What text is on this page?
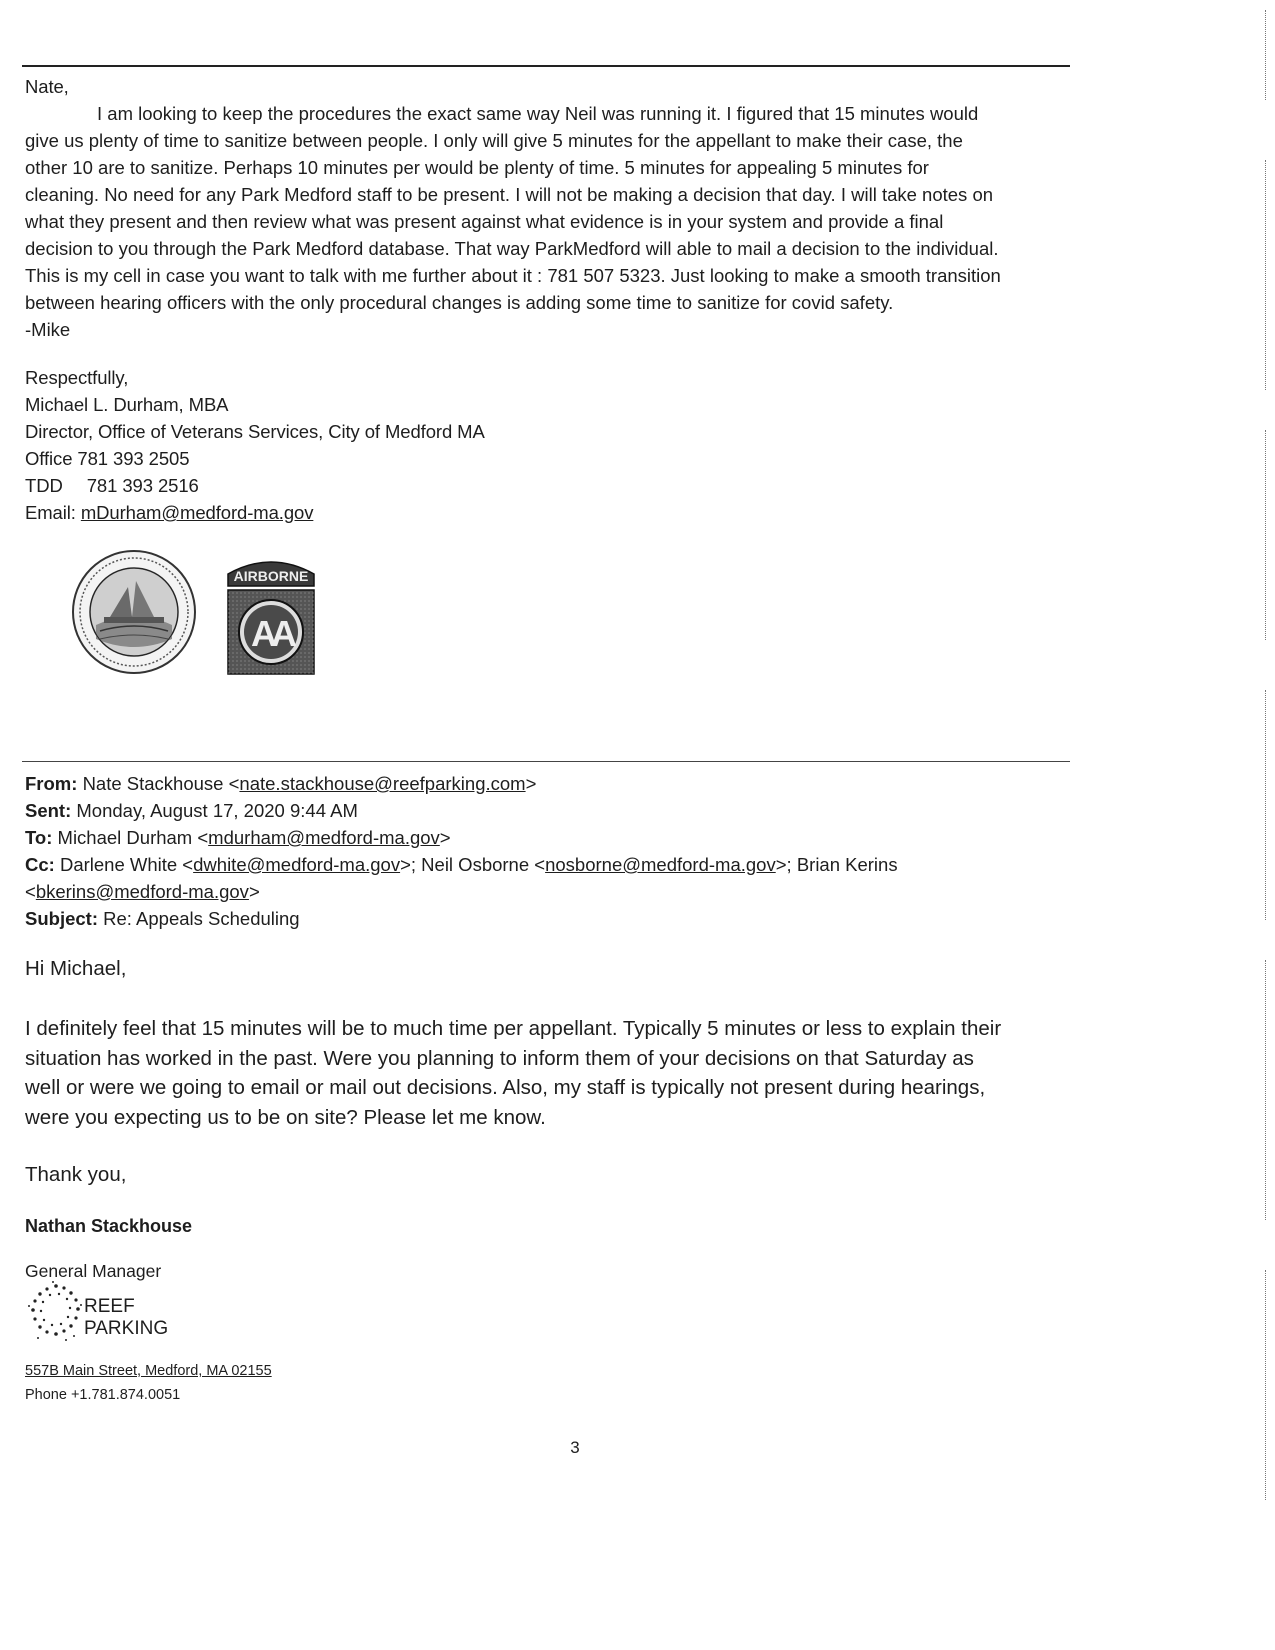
Nate,

I am looking to keep the procedures the exact same way Neil was running it. I figured that 15 minutes would

give us plenty of time to sanitize between people. I only will give 5 minutes for the appellant to make their case, the

other 10 are to sanitize. Perhaps 10 minutes per would be plenty of time. 5 minutes for appealing 5 minutes for

cleaning. No need for any Park Medford staff to be present. I will not be making a decision that day. I will take notes on

what they present and then review what was present against what evidence is in your system and provide a final

decision to you through the Park Medford database. That way ParkMedford will able to mail a decision to the individual.

This is my cell in case you want to talk with me further about it : 781 507 5323. Just looking to make a smooth transition

between hearing officers with the only procedural changes is adding some time to sanitize for covid safety.

-Mike

Respectfully,
Michael L. Durham, MBA
Director, Office of Veterans Services, City of Medford MA
Office 781 393 2505
TDD 781 393 2516
Email: mDurham@medford-ma.gov
AIRBORNE
AA
From: Nate Stackhouse <nate.stackhouse@reefparking.com>
Sent: Monday, August 17, 2020 9:44 AM
To: Michael Durham <mdurham@medford-ma.gov>
Cc: Darlene White <dwhite@medford-ma.gov>; Neil Osborne <nosborne@medford-ma.gov>; Brian Kerins
<bkerins@medford-ma.gov>
Subject: Re: Appeals Scheduling
Hi Michael,

I definitely feel that 15 minutes will be to much time per appellant. Typically 5 minutes or less to explain their

situation has worked in the past. Were you planning to inform them of your decisions on that Saturday as

well or were we going to email or mail out decisions. Also, my staff is typically not present during hearings,

were you expecting us to be on site? Please let me know.

Thank you,
Nathan Stackhouse
General Manager
REEF
PARKING
557B Main Street, Medford, MA 02155
Phone +1.781.874.0051
3
